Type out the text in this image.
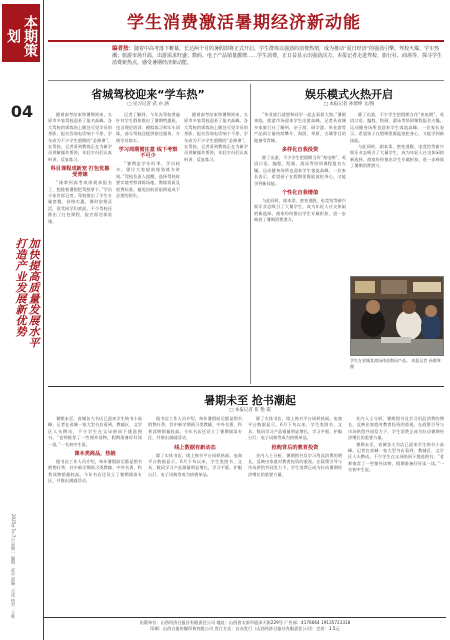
本期策划
04
加快提高质量发展水平打造产业发展新优势
2025年7月7日 星期一 编辑：武中 责编：吕成 校对：王辉
学生消费激活暑期经济新动能
编者按：随着中高考落下帷幕，长达两个月的暑假即将正式开启，学生群体以强劲的消费热情，成为推动“夏日经济”的强劲引擎。驾校火爆，学车热潮；旅游市场升温，出游需求旺盛；数码、电子产品销量激增……学生消费，正日益显示出强劲活力。本报记者走进驾校、旅行社、商场等，探寻学生消费新热点，感受暑期经济新动能。
省城驾校迎来“学车热”
□ 见习记者 武 亦 涵
随着高考结束和暑期到来，太原市多家驾校迎来了报名高峰。各大驾校的训练场上随处可见学员的身影，报名咨询电话响个不停，学车成为不少学生假期的“必修课”。在驾校，记者看到教练正在为新学员讲解操作要领，年轻学员们认真听讲、反复练习。
科目课程成新宠 打包优惠受青睐
“刚拿到高考成绩就来报名了，想趁着暑假把驾照拿下。”学员小张告诉记者，驾校推出了学生专属套餐，价格实惠，课时安排灵活，很受同学们欢迎。不少驾校还推出了打包课程，报名即送体验课。
记者了解到，今年各驾校普遍针对学生群体推出了暑期特惠班，包含理论培训、模拟练习和实车训练，部分驾校还提供接送服务，方便学员练车。
学习周期需注意 线下考察不可少
“暑期是学车旺季，学员较多，建议大家提前规划练车时间。”驾校负责人提醒，选择驾校时要实地考察训练场地、教练资质及收费标准，避免因低价陷阱造成不必要的损失。
随着高考结束和暑期到来，太原市多家驾校迎来了报名高峰。各大驾校的训练场上随处可见学员的身影，报名咨询电话响个不停，学车成为不少学生假期的“必修课”。在驾校，记者看到教练正在为新学员讲解操作要领，年轻学员们认真听讲、反复练习。
娱乐模式火热开启
□ 本报记者 孙熠坤 文/图
“毕业旅行就想和同学一起去看看大海。”暑假来临，旅游市场迎来学生出游高峰。记者从省城多家旅行社了解到，亲子游、研学游、毕业游等产品预订量持续攀升，海滨、草原、古城等目的地备受青睐。
多样化自我投资
除了出游，不少学生把假期当作“充电期”。英语口语、编程、绘画、游泳等培训课程报名火爆，运动健身场所也迎来学生客流高峰。一位家长表示，希望孩子在假期里既能放松身心，又能学到新技能。
个性化自我增值
与此同时，剧本杀、密室逃脱、电竞馆等新兴娱乐业态吸引了大量学生，成为年轻人社交休闲的新选择。商家纷纷推出学生专属折扣，进一步释放了暑期消费潜力。
除了出游，不少学生把假期当作“充电期”。英语口语、编程、绘画、游泳等培训课程报名火爆，运动健身场所也迎来学生客流高峰。一位家长表示，希望孩子在假期里既能放松身心，又能学到新技能。
与此同时，剧本杀、密室逃脱、电竞馆等新兴娱乐业态吸引了大量学生，成为年轻人社交休闲的新选择。商家纷纷推出学生专属折扣，进一步释放了暑期消费潜力。
学生在省城某商场体验数码产品。 本报记者 孙熠坤 摄
暑期未至 抢书潮起
□ 本报记者 崔 艳 霞
暑期未至，省城各大书店已迎来学生购书小高峰。记者在省城一家大型书店看到，教辅区、文学区人头攒动，不少学生在父母陪同下挑选图书。“老师推荐了一些课外读物，假期准备好好读一读。”一名初中生说。
课本类商品，热销
据书店工作人员介绍，每年暑假前后都是图书销售旺季，其中新学期预习类教辅、中外名著、科普读物销量较高。今年书店还设立了暑期阅读专区，并推出满减活动。
据书店工作人员介绍，每年暑假前后都是图书销售旺季，其中新学期预习类教辅、中外名著、科普读物销量较高。今年书店还设立了暑期阅读专区，并推出满减活动。
线上数据有新动态
除了实体书店，线上购书平台同样热闹。电商平台数据显示，6月下旬以来，学生类图书、文具、数码学习产品销量明显增长，学习平板、护眼台灯、电子词典等成为热销单品。
除了实体书店，线上购书平台同样热闹。电商平台数据显示，6月下旬以来，学生类图书、文具、数码学习产品销量明显增长，学习平板、护眼台灯、电子词典等成为热销单品。
抢购背后的教育投资
业内人士分析，暑期图书及学习用品消费的增长，反映出家庭对教育投资的重视。在政策引导与市场供给共同发力下，学生消费正成为拉动暑期经济增长的重要力量。
业内人士分析，暑期图书及学习用品消费的增长，反映出家庭对教育投资的重视。在政策引导与市场供给共同发力下，学生消费正成为拉动暑期经济增长的重要力量。
暑期未至，省城各大书店已迎来学生购书小高峰。记者在省城一家大型书店看到，教辅区、文学区人头攒动，不少学生在父母陪同下挑选图书。“老师推荐了一些课外读物，假期准备好好读一读。”一名初中生说。
出版单位：山西经济日报社有限责任公司 地址：山西省太原市迎泽大街229号 广告部：4176664 19135723318
印刷：山西日报传媒印务有限公司 发行方式：自办发行（山西经济日报社有限责任公司） 定价：1.5元
